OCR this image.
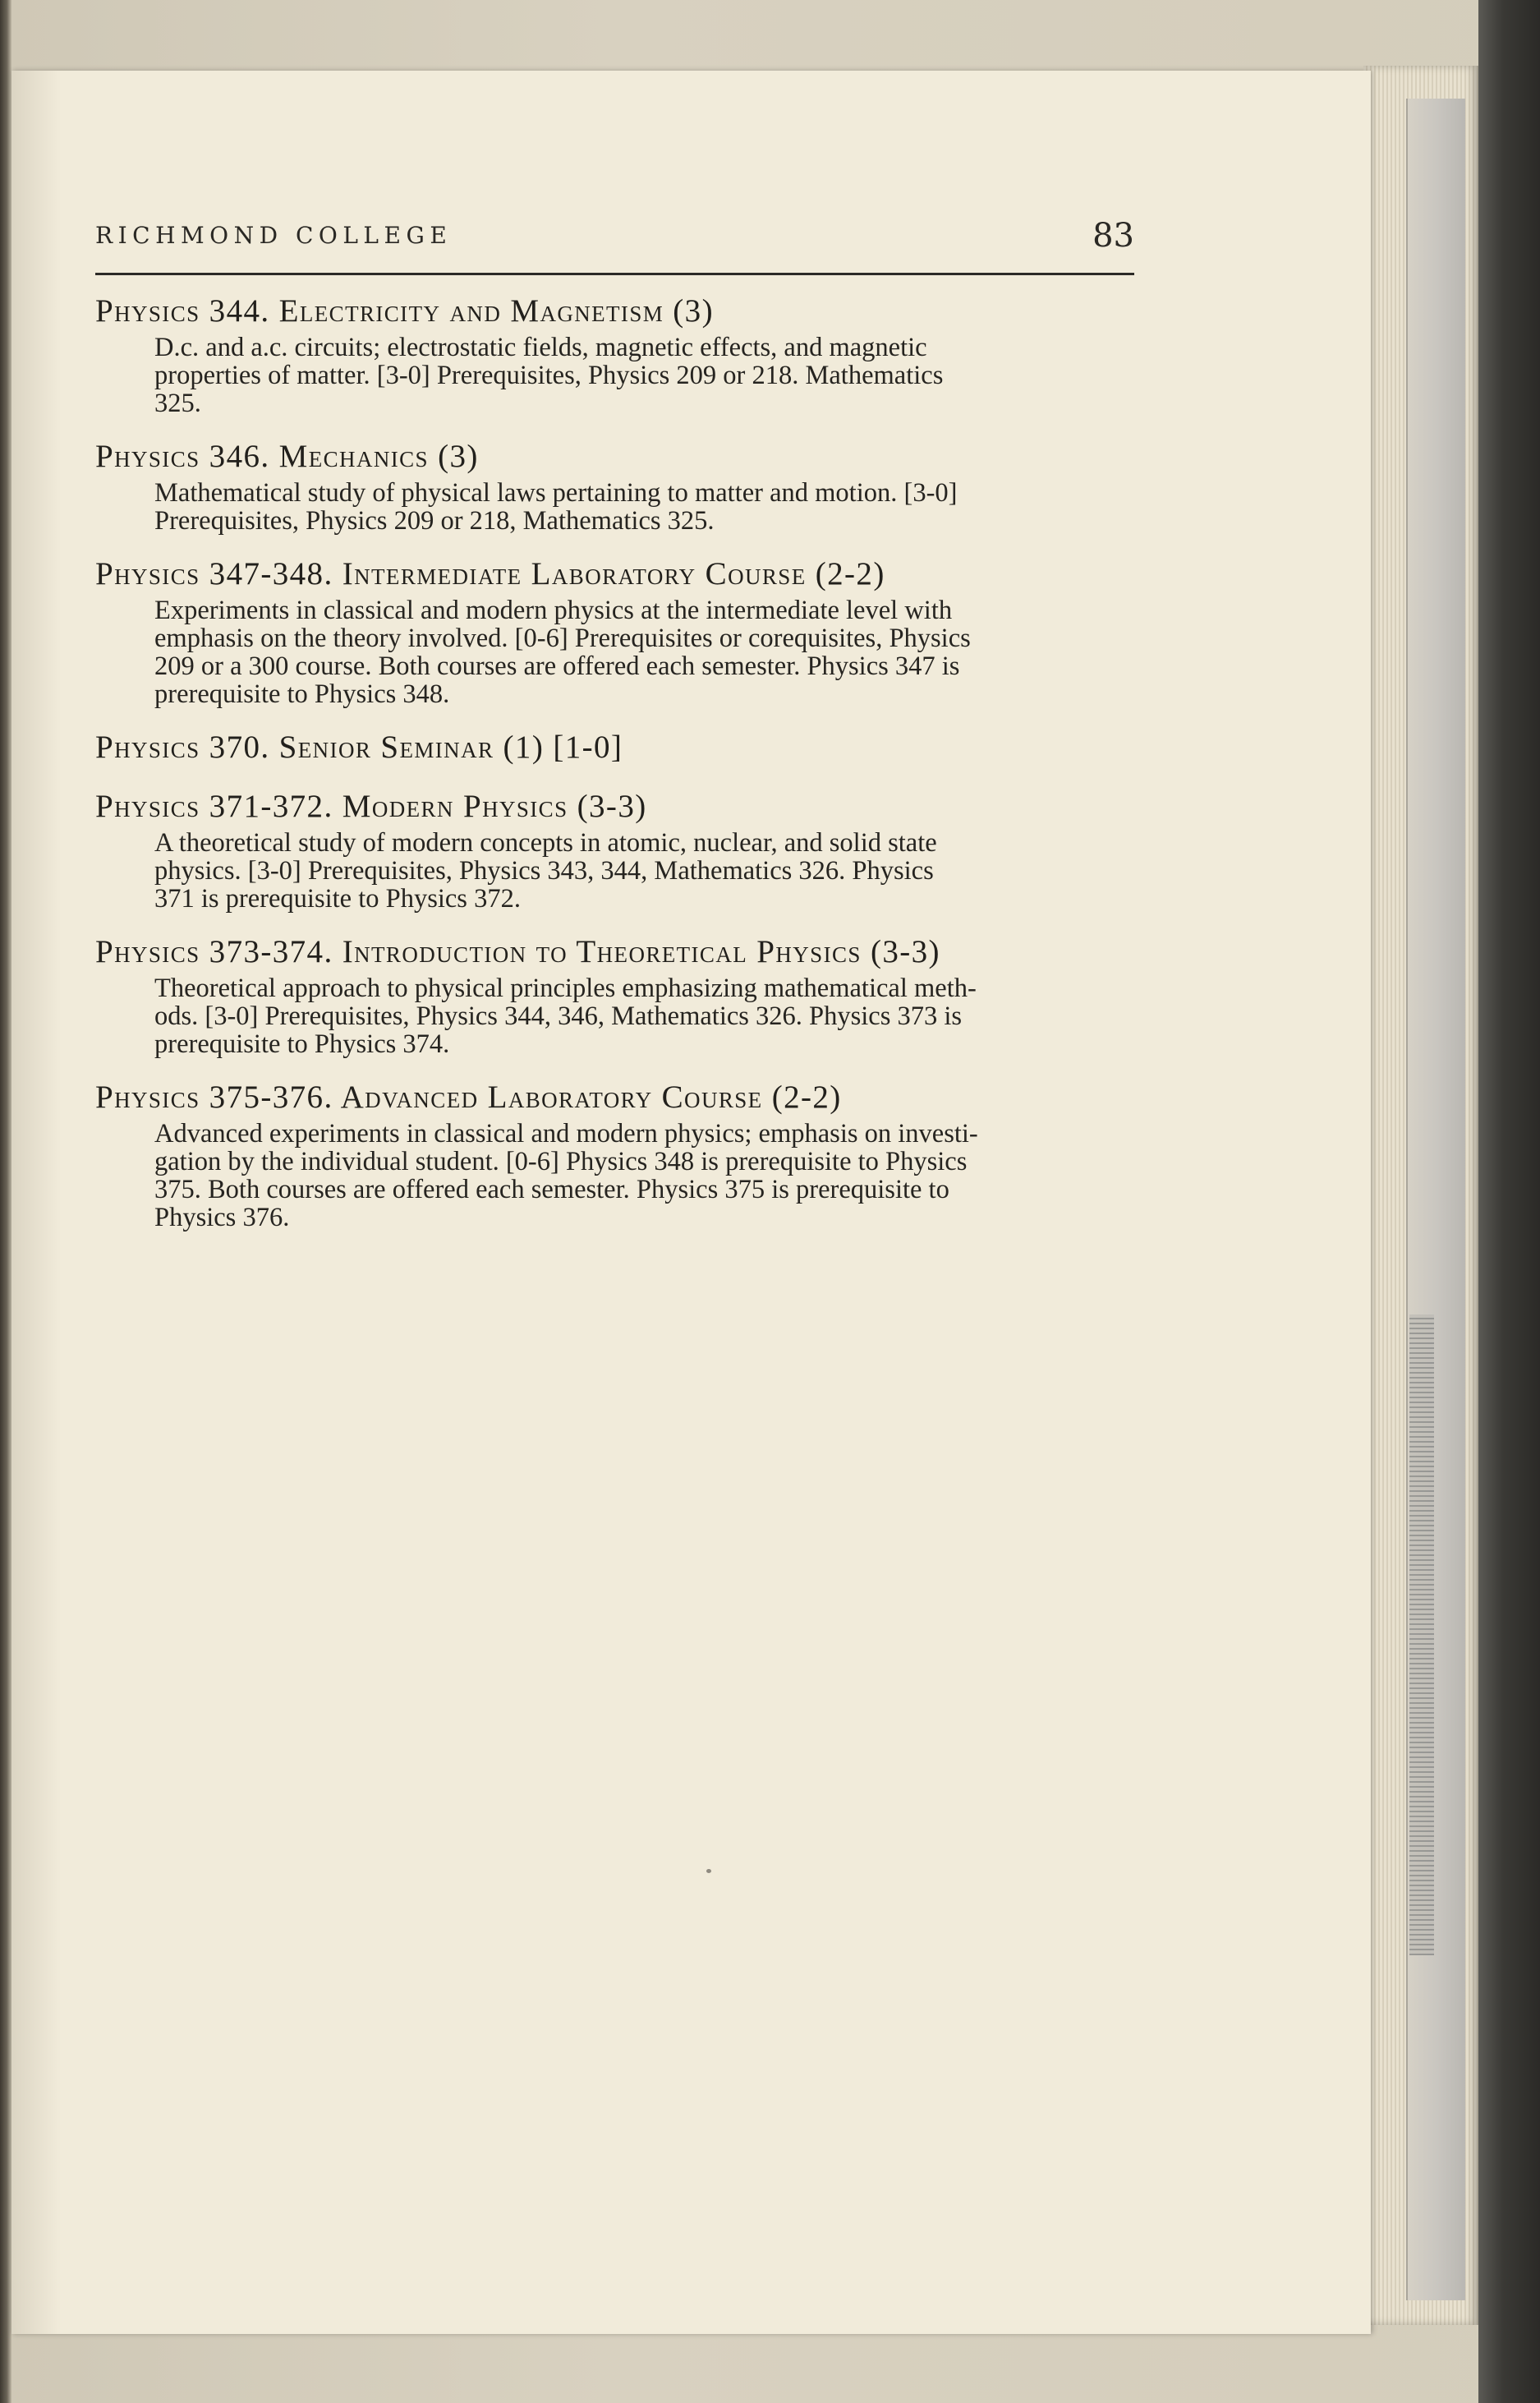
RICHMOND COLLEGE	83
Physics 344. Electricity and Magnetism (3)
D.c. and a.c. circuits; electrostatic fields, magnetic effects, and magnetic
properties of matter. [3-0] Prerequisites, Physics 209 or 218. Mathematics
325.
Physics 346. Mechanics (3)
Mathematical study of physical laws pertaining to matter and motion. [3-0]
Prerequisites, Physics 209 or 218, Mathematics 325.
Physics 347-348. Intermediate Laboratory Course (2-2)
Experiments in classical and modern physics at the intermediate level with
emphasis on the theory involved. [0-6] Prerequisites or corequisites, Physics
209 or a 300 course. Both courses are offered each semester. Physics 347 is
prerequisite to Physics 348.
Physics 370. Senior Seminar (1) [1-0]
Physics 371-372. Modern Physics (3-3)
A theoretical study of modern concepts in atomic, nuclear, and solid state
physics. [3-0] Prerequisites, Physics 343, 344, Mathematics 326. Physics
371 is prerequisite to Physics 372.
Physics 373-374. Introduction to Theoretical Physics (3-3)
Theoretical approach to physical principles emphasizing mathematical meth-
ods. [3-0] Prerequisites, Physics 344, 346, Mathematics 326. Physics 373 is
prerequisite to Physics 374.
Physics 375-376. Advanced Laboratory Course (2-2)
Advanced experiments in classical and modern physics; emphasis on investi-
gation by the individual student. [0-6] Physics 348 is prerequisite to Physics
375. Both courses are offered each semester. Physics 375 is prerequisite to
Physics 376.
